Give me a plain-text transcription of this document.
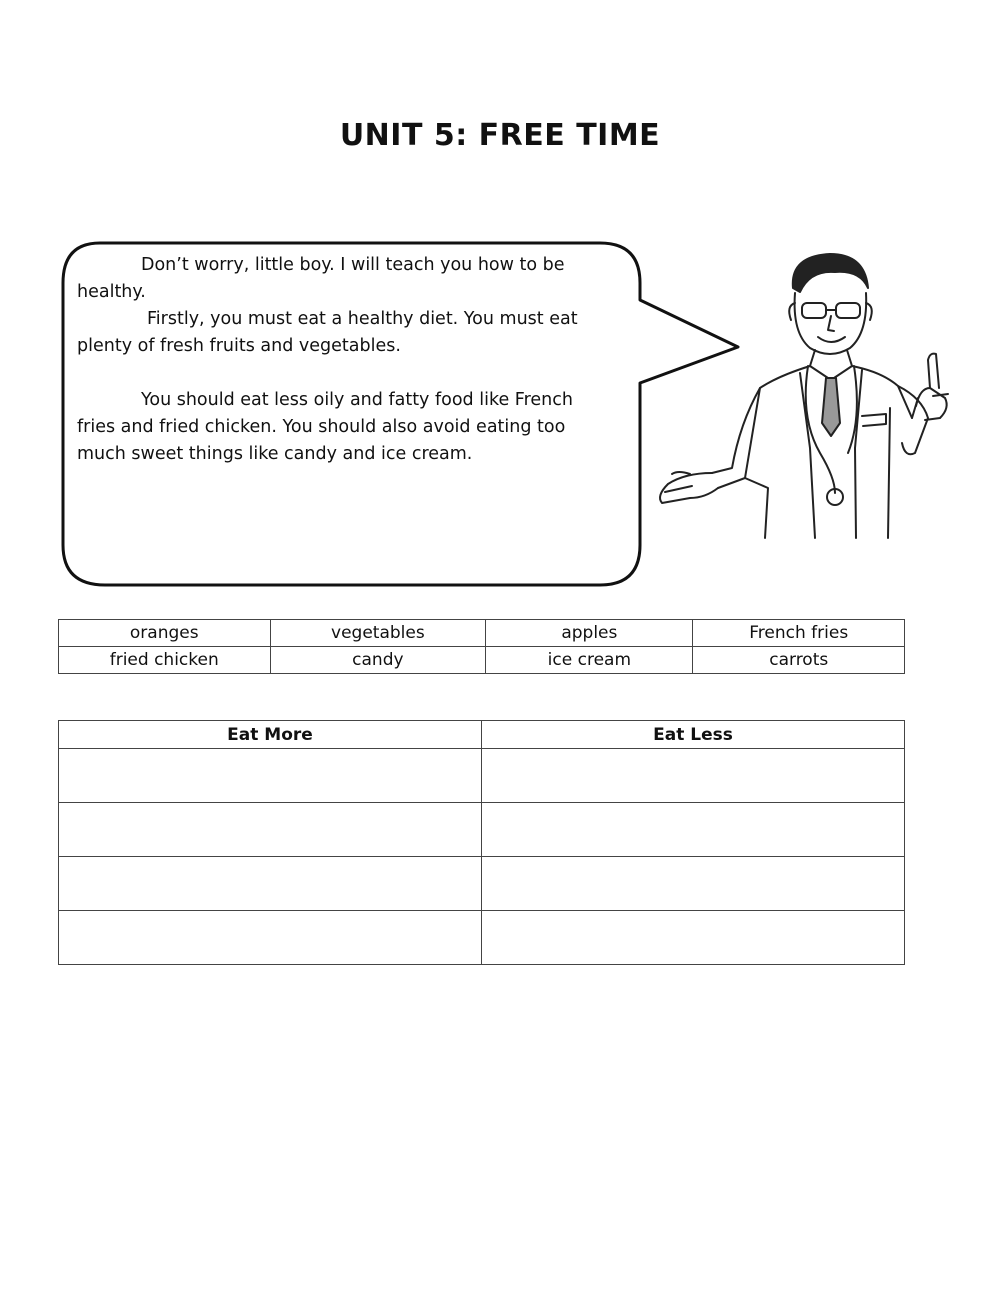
UNIT 5: FREE TIME

Don’t worry, little boy. I will teach you how to be

healthy.

Firstly, you must eat a healthy diet. You must eat

plenty of fresh fruits and vegetables.

You should eat less oily and fatty food like French

fries and fried chicken. You should also avoid eating too

much sweet things like candy and ice cream.

oranges	vegetables	apples	French fries
fried chicken	candy	ice cream	carrots
Eat More	Eat Less
